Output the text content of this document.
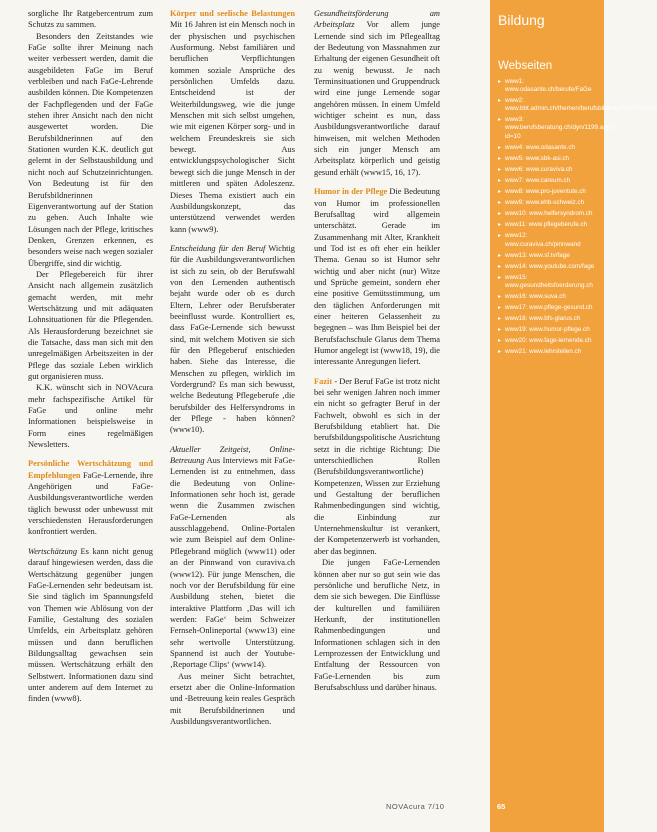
sorgliche Ihr Ratgebercentrum zum Schutzs zu sammen.

Besonders den Zeitstandes wie FaGe sollte ihrer Meinung nach weiter verbessert werden, damit die ausgebildeten FaGe im Beruf verbleiben und nach FaGe-Lehrende ausbilden können. Die Kompetenzen der Fachpflegenden und der FaGe stehen ihrer Ansicht nach den nicht ausgewertet worden. Die Berufsbildnerinnen auf den Stationen wurden K.K. deutlich gut gelernt in der Selbstausbildung und nicht noch auf Schutzeinrichtungen. Von Bedeutung ist für den Berufsbildnerinnen Eigenverantwortung auf der Station zu geben. Auch Inhalte wie Lösungen nach der Pflege, kritisches Denken, Grenzen erkennen, es besonders weise nach wegen sozialer Übergriffe, sind dir wichtig.

Der Pflegebereich für ihrer Ansicht nach allgemein zusätzlich gemacht werden, mit mehr Wertschätzung und mit adäquaten Lohnsituationen für die Pflegenden. Als Herausforderung bezeichnet sie die Tatsache, dass man sich mit den unregelmäßigen Arbeitszeiten in der Pflege das soziale Leben wirklich gut organisieren muss.

K.K. wünscht sich in NOVAcura mehr fachspezifische Artikel für FaGe und online mehr Informationen beispielsweise in Form eines regelmäßigen Newsletters.

Persönliche Wertschätzung und Empfehlungen FaGe-Lernende, ihre Angehörigen und FaGe-Ausbildungsverantwortliche werden täglich bewusst oder unbewusst mit verschiedensten Herausforderungen konfrontiert werden.

Wertschätzung Es kann nicht genug darauf hingewiesen werden, dass die Wertschätzung gegenüber jungen FaGe-Lernenden sehr bedeutsam ist. Sie sind täglich im Spannungsfeld von Themen wie Ablösung von der Familie, Gestaltung des sozialen Umfelds, ein Arbeitsplatz gehören müssen und dann beruflichen Bildungsalltag gewachsen sein müssen. Wertschätzung erhält den Selbstwert. Informationen dazu sind unter anderem auf dem Internet zu finden (www8).

Körper und seelische Belastungen Mit 16 Jahren ist ein Mensch noch in der physischen und psychischen Ausformung. Nebst familiären und beruflichen Verpflichtungen kommen soziale Ansprüche des persönlichen Umfelds dazu. Entscheidend ist der Weiterbildungsweg, wie die junge Menschen mit sich selbst umgehen, wie mit eigenen Körper sorg- und in welchem Freundeskreis sie sich bewegt. Aus entwicklungspsychologischer Sicht bewegt sich die junge Mensch in der mittleren und späten Adoleszenz. Dieses Thema existiert auch ein Ausbildungskonzept, das unterstützend verwendet werden kann (www9).

Entscheidung für den Beruf Wichtig für die Ausbildungsverantwortlichen ist sich zu sein, ob der Berufswahl von den Lernenden authentisch bejaht wurde oder ob es durch Eltern, Lehrer oder Berufsberater beeinflusst wurde. Kontrolliert es, dass FaGe-Lernende sich bewusst sind, mit welchem Motiven sie sich für den Pflegeberuf entschieden haben. Siehe das Interesse, die Menschen zu pflegen, wirklich im Vordergrund? Es man sich bewusst, welche Bedeutung Pflegeberufe ‚die berufsbilder des Helfersyndroms in der Pflege - haben können? (www10).

Aktueller Zeitgeist, Online-Betreuung Aus Interviews mit FaGe-Lernenden ist zu entnehmen, dass die Bedeutung von Online-Informationen sehr hoch ist, gerade wenn die Zusammen zwischen FaGe-Lernenden als ausschlaggebend. Online-Portalen wie zum Beispiel auf dem Online-Pflegebrand möglich (www11) oder an der Pinnwand von curaviva.ch (www12). Für junge Menschen, die noch vor der Berufsbildung für eine Ausbildung stehen, bietet die interaktive Plattform ‚Das will ich werden: FaGe‘ beim Schweizer Fernseh-Onlineportal (www13) eine sehr wertvolle Unterstützung. Spannend ist auch der Youtube-‚Reportage Clips‘ (www14).

Aus meiner Sicht betrachtet, ersetzt aber die Online-Information und -Betreuung kein reales Gespräch mit Berufsbildnerinnen und Ausbildungsverantwortlichen.

Gesundheitsförderung am Arbeitsplatz Vor allem junge Lernende sind sich im Pflegealltag der Bedeutung von Massnahmen zur Erhaltung der eigenen Gesundheit oft zu wenig bewusst. Je nach Terminsituationen und Gruppendruck wird eine junge Lernende sogar angehören müssen. In einem Umfeld wichtiger scheint es nun, dass Ausbildungsverantwortliche darauf hinweisen, mit welchen Methoden sich ein junger Mensch am Arbeitsplatz körperlich und geistig gesund erhält (www15, 16, 17).

Humor in der Pflege Die Bedeutung von Humor im professionellen Berufsalltag wird allgemein unterschätzt. Gerade im Zusammenhang mit Alter, Krankheit und Tod ist es oft eher ein heikler Thema. Genau so ist Humor sehr wichtig und aber nicht (nur) Witze und Sprüche gemeint, sondern eher eine positive Gemütsstimmung, um den täglichen Anforderungen mit einer heiteren Gelassenheit zu begegnen – was Ihm Beispiel bei der Berufsfachschule Glarus dem Thema Humor angelegt ist (www18, 19), die interessante Anregungen liefert.

Fazit - Der Beruf FaGe ist trotz nicht bei sehr wenigen Jahren noch immer ein nicht so gefragter Beruf in der Fachwelt, obwohl es sich in der Berufsbildung etabliert hat. Die berufsbildungspolitische Ausrichtung setzt in die richtige Richtung: Die unterschiedlichen Rollen (Berufsbildungsverantwortliche) Kompetenzen, Wissen zur Erziehung und Gestaltung der beruflichen Rahmenbedingungen sind wichtig, die Einbindung zur Unternehmenskultur ist verankert, der Kompetenzerwerb ist vorhanden, aber das beginnen.

Die jungen FaGe-Lernenden können aber nur so gut sein wie das persönliche und berufliche Netz, in dem sie sich bewegen. Die Einflüsse der kulturellen und familiären Herkunft, der institutionellen Rahmenbedingungen und Informationen schlagen sich in den Lernprozessen der Entwicklung und Entfaltung der Ressourcen von FaGe-Lernenden bis zum Berufsabschluss und darüber hinaus.

Bildung
Webseiten
▸ www1: www.odasante.ch/berufe/FaGe
▸ www2: www.bbt.admin.ch/themen/berufsbildung/00107/00187
▸ www3: www.berufsberatung.ch/dyn/1199.aspx?id=10
▸ www4: www.odasante.ch
▸ www5: www.sbk-asi.ch
▸ www6: www.curaviva.ch
▸ www7: www.careum.ch
▸ www8: www.pro-juventute.ch
▸ www9: www.ehb-schweiz.ch
▸ www10: www.helfersyndrom.ch
▸ www11: www.pflegeberufe.ch
▸ www12: www.curaviva.ch/pinnwand
▸ www13: www.sf.tv/fage
▸ www14: www.youtube.com/fage
▸ www15: www.gesundheitsfoerderung.ch
▸ www16: www.suva.ch
▸ www17: www.pflege-gesund.ch
▸ www18: www.bfs-glarus.ch
▸ www19: www.humor-pflege.ch
▸ www20: www.fage-lernende.ch
▸ www21: www.lehrstellen.ch
NOVAcura 7/10	65
